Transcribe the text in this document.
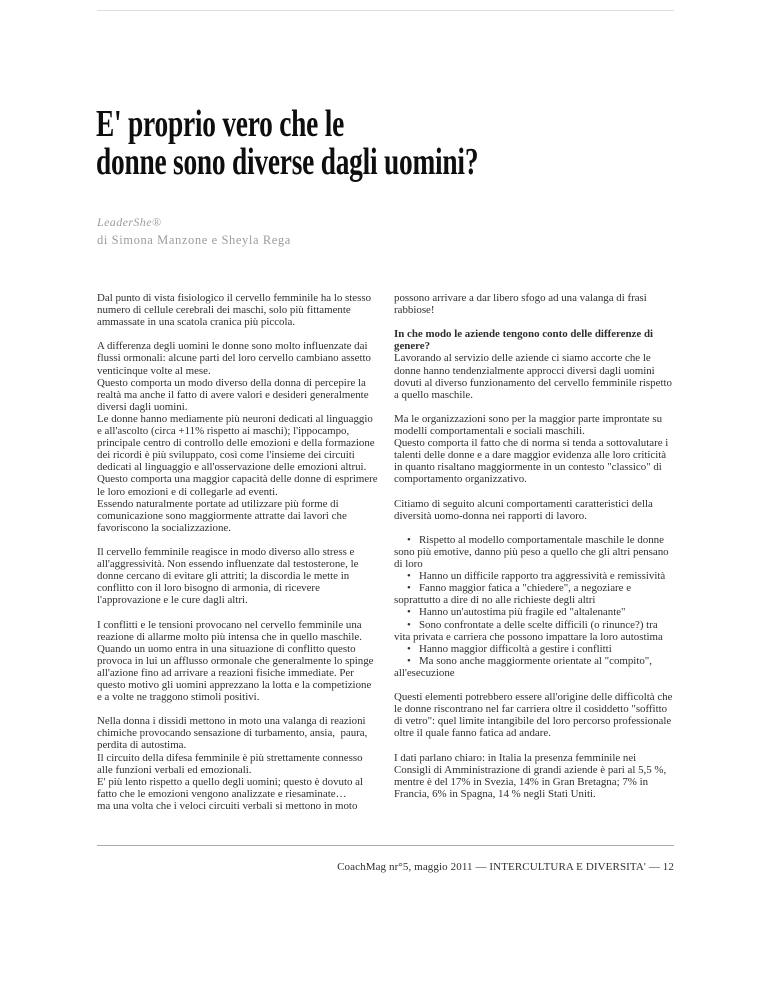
E' proprio vero che le
donne sono diverse dagli uomini?
LeaderShe®
di Simona Manzone e Sheyla Rega
Dal punto di vista fisiologico il cervello femminile ha lo stesso numero di cellule cerebrali dei maschi, solo più fittamente ammassate in una scatola cranica più piccola.
A differenza degli uomini le donne sono molto influenzate dai flussi ormonali: alcune parti del loro cervello cambiano assetto venticinque volte al mese.
Questo comporta un modo diverso della donna di percepire la realtà ma anche il fatto di avere valori e desideri generalmente diversi dagli uomini.
Le donne hanno mediamente più neuroni dedicati al linguaggio e all'ascolto (circa +11% rispetto ai maschi); l'ippocampo, principale centro di controllo delle emozioni e della formazione dei ricordi è più sviluppato, così come l'insieme dei circuiti dedicati al linguaggio e all'osservazione delle emozioni altrui.
Questo comporta una maggior capacità delle donne di esprimere le loro emozioni e di collegarle ad eventi.
Essendo naturalmente portate ad utilizzare più forme di comunicazione sono maggiormente attratte dai lavori che favoriscono la socializzazione.
Il cervello femminile reagisce in modo diverso allo stress e all'aggressività. Non essendo influenzate dal testosterone, le donne cercano di evitare gli attriti; la discordia le mette in conflitto con il loro bisogno di armonia, di ricevere l'approvazione e le cure dagli altri.
I conflitti e le tensioni provocano nel cervello femminile una reazione di allarme molto più intensa che in quello maschile.
Quando un uomo entra in una situazione di conflitto questo provoca in lui un afflusso ormonale che generalmente lo spinge all'azione fino ad arrivare a reazioni fisiche immediate. Per questo motivo gli uomini apprezzano la lotta e la competizione e a volte ne traggono stimoli positivi.
Nella donna i dissidi mettono in moto una valanga di reazioni chimiche provocando sensazione di turbamento, ansia,  paura, perdita di autostima.
Il circuito della difesa femminile è più strettamente connesso alle funzioni verbali ed emozionali.
E' più lento rispetto a quello degli uomini; questo è dovuto al fatto che le emozioni vengono analizzate e riesaminate…
ma una volta che i veloci circuiti verbali si mettono in moto
possono arrivare a dar libero sfogo ad una valanga di frasi rabbiose!
In che modo le aziende tengono conto delle differenze di genere?
Lavorando al servizio delle aziende ci siamo accorte che le donne hanno tendenzialmente approcci diversi dagli uomini dovuti al diverso funzionamento del cervello femminile rispetto a quello maschile.
Ma le organizzazioni sono per la maggior parte improntate su modelli comportamentali e sociali maschili.
Questo comporta il fatto che di norma si tenda a sottovalutare i talenti delle donne e a dare maggior evidenza alle loro criticità in quanto risaltano maggiormente in un contesto "classico" di comportamento organizzativo.
Citiamo di seguito alcuni comportamenti caratteristici della diversità uomo-donna nei rapporti di lavoro.
•   Rispetto al modello comportamentale maschile le donne sono più emotive, danno più peso a quello che gli altri pensano di loro
•   Hanno un difficile rapporto tra aggressività e remissività
•   Fanno maggior fatica a "chiedere", a negoziare e soprattutto a dire di no alle richieste degli altri
•   Hanno un'autostima più fragile ed "altalenante"
•   Sono confrontate a delle scelte difficili (o rinunce?) tra vita privata e carriera che possono impattare la loro autostima
•   Hanno maggior difficoltà a gestire i conflitti
•   Ma sono anche maggiormente orientate al "compito", all'esecuzione
Questi elementi potrebbero essere all'origine delle difficoltà che le donne riscontrano nel far carriera oltre il cosiddetto "soffitto di vetro": quel limite intangibile del loro percorso professionale oltre il quale fanno fatica ad andare.
I dati parlano chiaro: in Italia la presenza femminile nei Consigli di Amministrazione di grandi aziende è pari al 5,5 %, mentre è del 17% in Svezia, 14% in Gran Bretagna; 7% in Francia, 6% in Spagna, 14 % negli Stati Uniti.
CoachMag nr°5, maggio 2011 — INTERCULTURA E DIVERSITA' — 12
